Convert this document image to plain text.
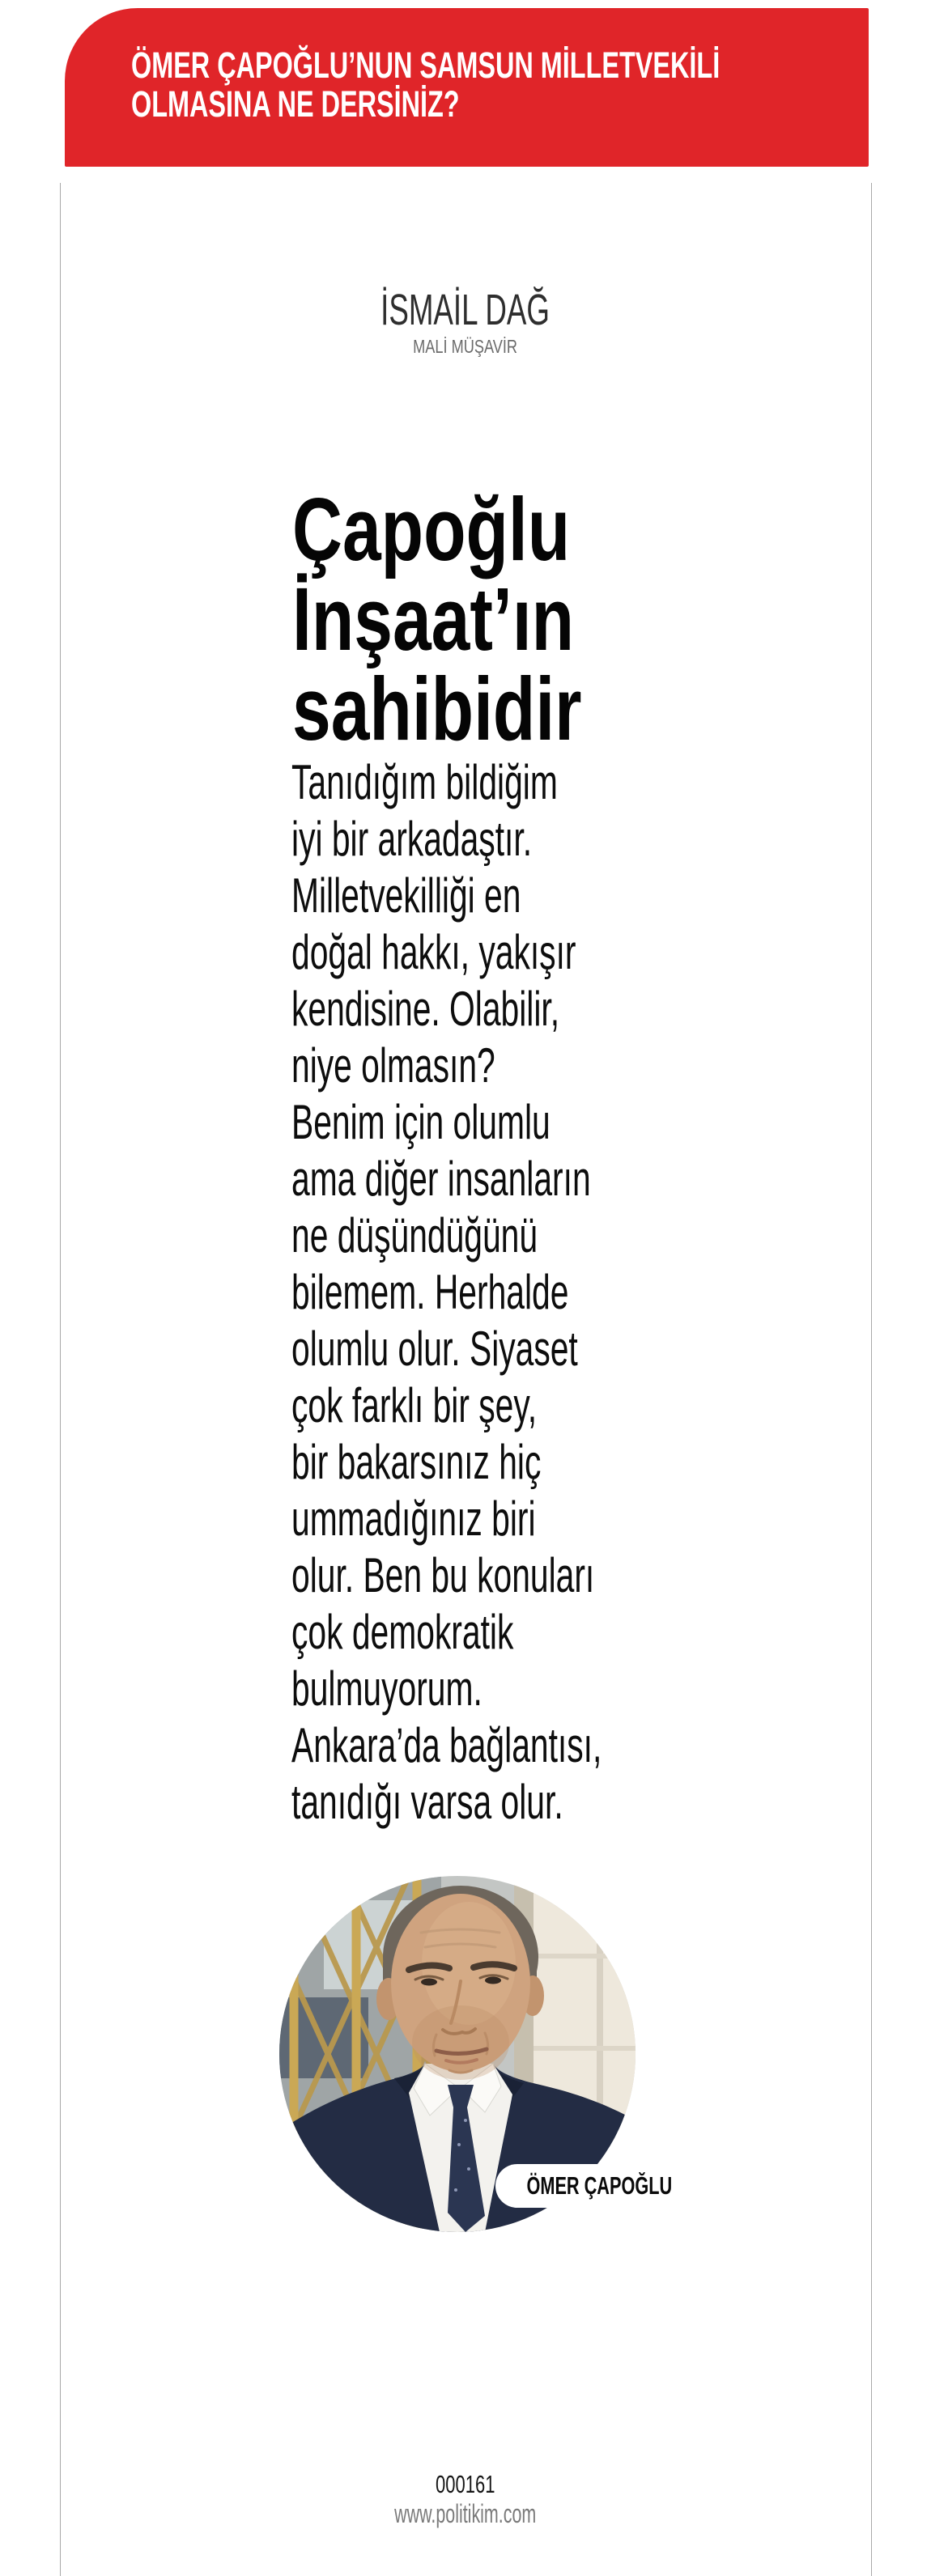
ÖMER ÇAPOĞLU’NUN SAMSUN MİLLETVEKİLİ
OLMASINA NE DERSİNİZ?
İSMAİL DAĞ
MALİ MÜŞAVİR
Çapoğlu
İnşaat’ın
sahibidir
Tanıdığım bildiğim
iyi bir arkadaştır.
Milletvekilliği en
doğal hakkı, yakışır
kendisine. Olabilir,
niye olmasın?
Benim için olumlu
ama diğer insanların
ne düşündüğünü
bilemem. Herhalde
olumlu olur. Siyaset
çok farklı bir şey,
bir bakarsınız hiç
ummadığınız biri
olur. Ben bu konuları
çok demokratik
bulmuyorum.
Ankara’da bağlantısı,
tanıdığı varsa olur.
ÖMER ÇAPOĞLU
000161
www.politikim.com
